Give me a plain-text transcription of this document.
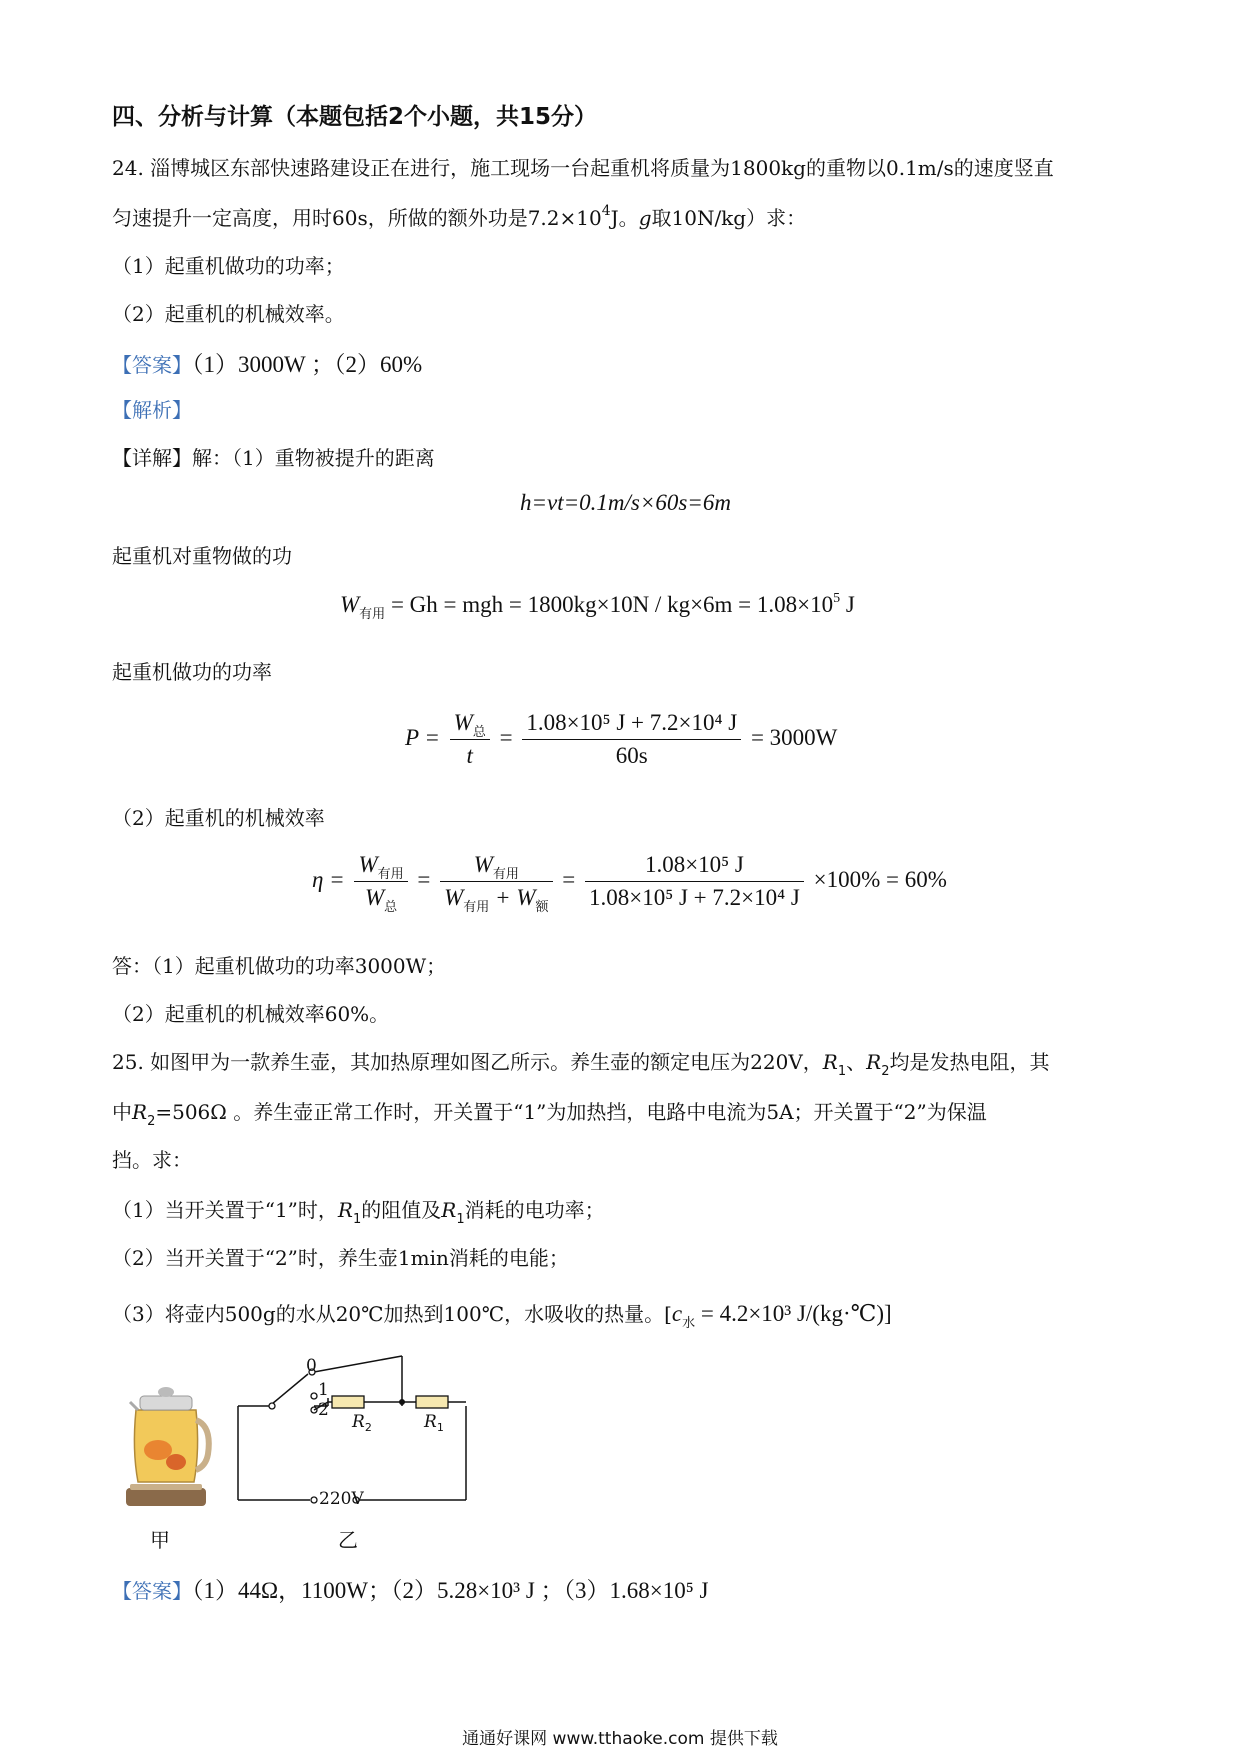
四、分析与计算（本题包括2个小题，共15分）
24. 淄博城区东部快速路建设正在进行，施工现场一台起重机将质量为1800kg的重物以0.1m/s的速度竖直
匀速提升一定高度，用时60s，所做的额外功是$7.2\times 10^4J$。g取10N/kg）求：
（1）起重机做功的功率；
（2）起重机的机械效率。
【答案】（1）3000W ；（2）60%
【解析】
【详解】解：（1）重物被提升的距离
h=vt=0.1m/s×60s=6m
起重机对重物做的功
$W_{有用} = Gh$ = mgh = $1800kg\times 10N / kg\times 6m = 1.08\times 10^5$ J
起重机做功的功率
$P = \frac{W_总}{t} = \frac{\text{1.08×10⁵ J + 7.2×10⁴ J}}{60s} = 3000W$
（2）起重机的机械效率
$\eta = \frac{W_{有用}}{W_总} = \frac{W_{有用}}{W_{有用} + W_额} = \frac{\text{1.08×10⁵ J}}{\text{1.08×10⁵ J + 7.2×10⁴ J}} \times 100\% = 60\%$
答：（1）起重机做功的功率3000W；
（2）起重机的机械效率60%。
25. 如图甲为一款养生壶，其加热原理如图乙所示。养生壶的额定电压为220V，$R_1$、$R_2$均是发热电阻，其
中$R_2=506\Omega$ 。养生壶正常工作时，开关置于“1”为加热挡，电路中电流为5A；开关置于“2”为保温
挡。求：
（1）当开关置于“1”时，$R_1$的阻值及$R_1$消耗的电功率；
（2）当开关置于“2”时，养生壶1min消耗的电能；
（3）将壶内500g的水从20℃加热到100℃，水吸收的热量。[$c_水 = 4.2\times 10^3$ J/(kg·℃)]
甲
0
1
2
$R_2$	$R_1$
220V
乙
【答案】（1）44Ω，1100W；（2）5.28×10³ J ；（3）1.68×10⁵ J
通通好课网 www.tthaoke.com 提供下载
